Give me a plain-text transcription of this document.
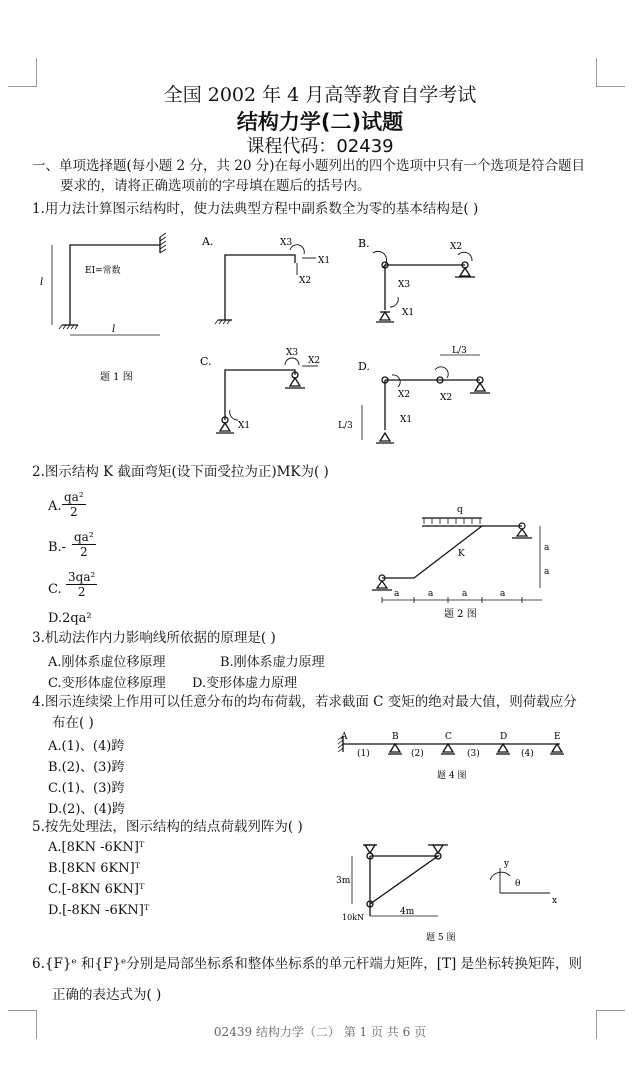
全国 2002 年 4 月高等教育自学考试
结构力学(二)试题
课程代码：02439
一、单项选择题(每小题 2 分，共 20 分)在每小题列出的四个选项中只有一个选项是符合题目
要求的，请将正确选项前的字母填在题后的括号内。
1.用力法计算图示结构时，使力法典型方程中副系数全为零的基本结构是( )
l
EI=常数
l
题 1 图
A.	X3
X1
X2
B.	X2
X3
X1
C.
X3
X2
X1
D.
L/3
L/3
X2	X2
X1
2.图示结构 K 截面弯矩(设下面受拉为正)MK为( )
A. $\frac{\text{qa²}}{2}$
$B.- \frac{\text{qa²}}{2}$
C. $\frac{\text{3qa²}}{2}$
D.2qa²
q
K
a
a
a	a	a	a
题 2 图
3.机动法作内力影响线所依据的原理是( )
A.刚体系虚位移原理	B.刚体系虚力原理
C.变形体虚位移原理 D.变形体虚力原理
4.图示连续梁上作用可以任意分布的均布荷载，若求截面 C 变矩的绝对最大值，则荷载应分
布在( )
A.(1)、(4)跨
B.(2)、(3)跨
C.(1)、(3)跨
D.(2)、(4)跨
A	B	C	D	E
(1)	(2)	(3)	(4)
题 4 图
5.按先处理法，图示结构的结点荷载列阵为( )
A.[8KN -6KN]ᵀ
B.[8KN 6KN]ᵀ
C.[-8KN 6KN]ᵀ
D.[-8KN -6KN]ᵀ
3m
4m
10kN
y
x
θ
题 5 图
6.{F}ᵉ 和{F}ᵉ分别是局部坐标系和整体坐标系的单元杆端力矩阵，[T] 是坐标转换矩阵，则
正确的表达式为( )
02439 结构力学（二） 第 1 页 共 6 页
